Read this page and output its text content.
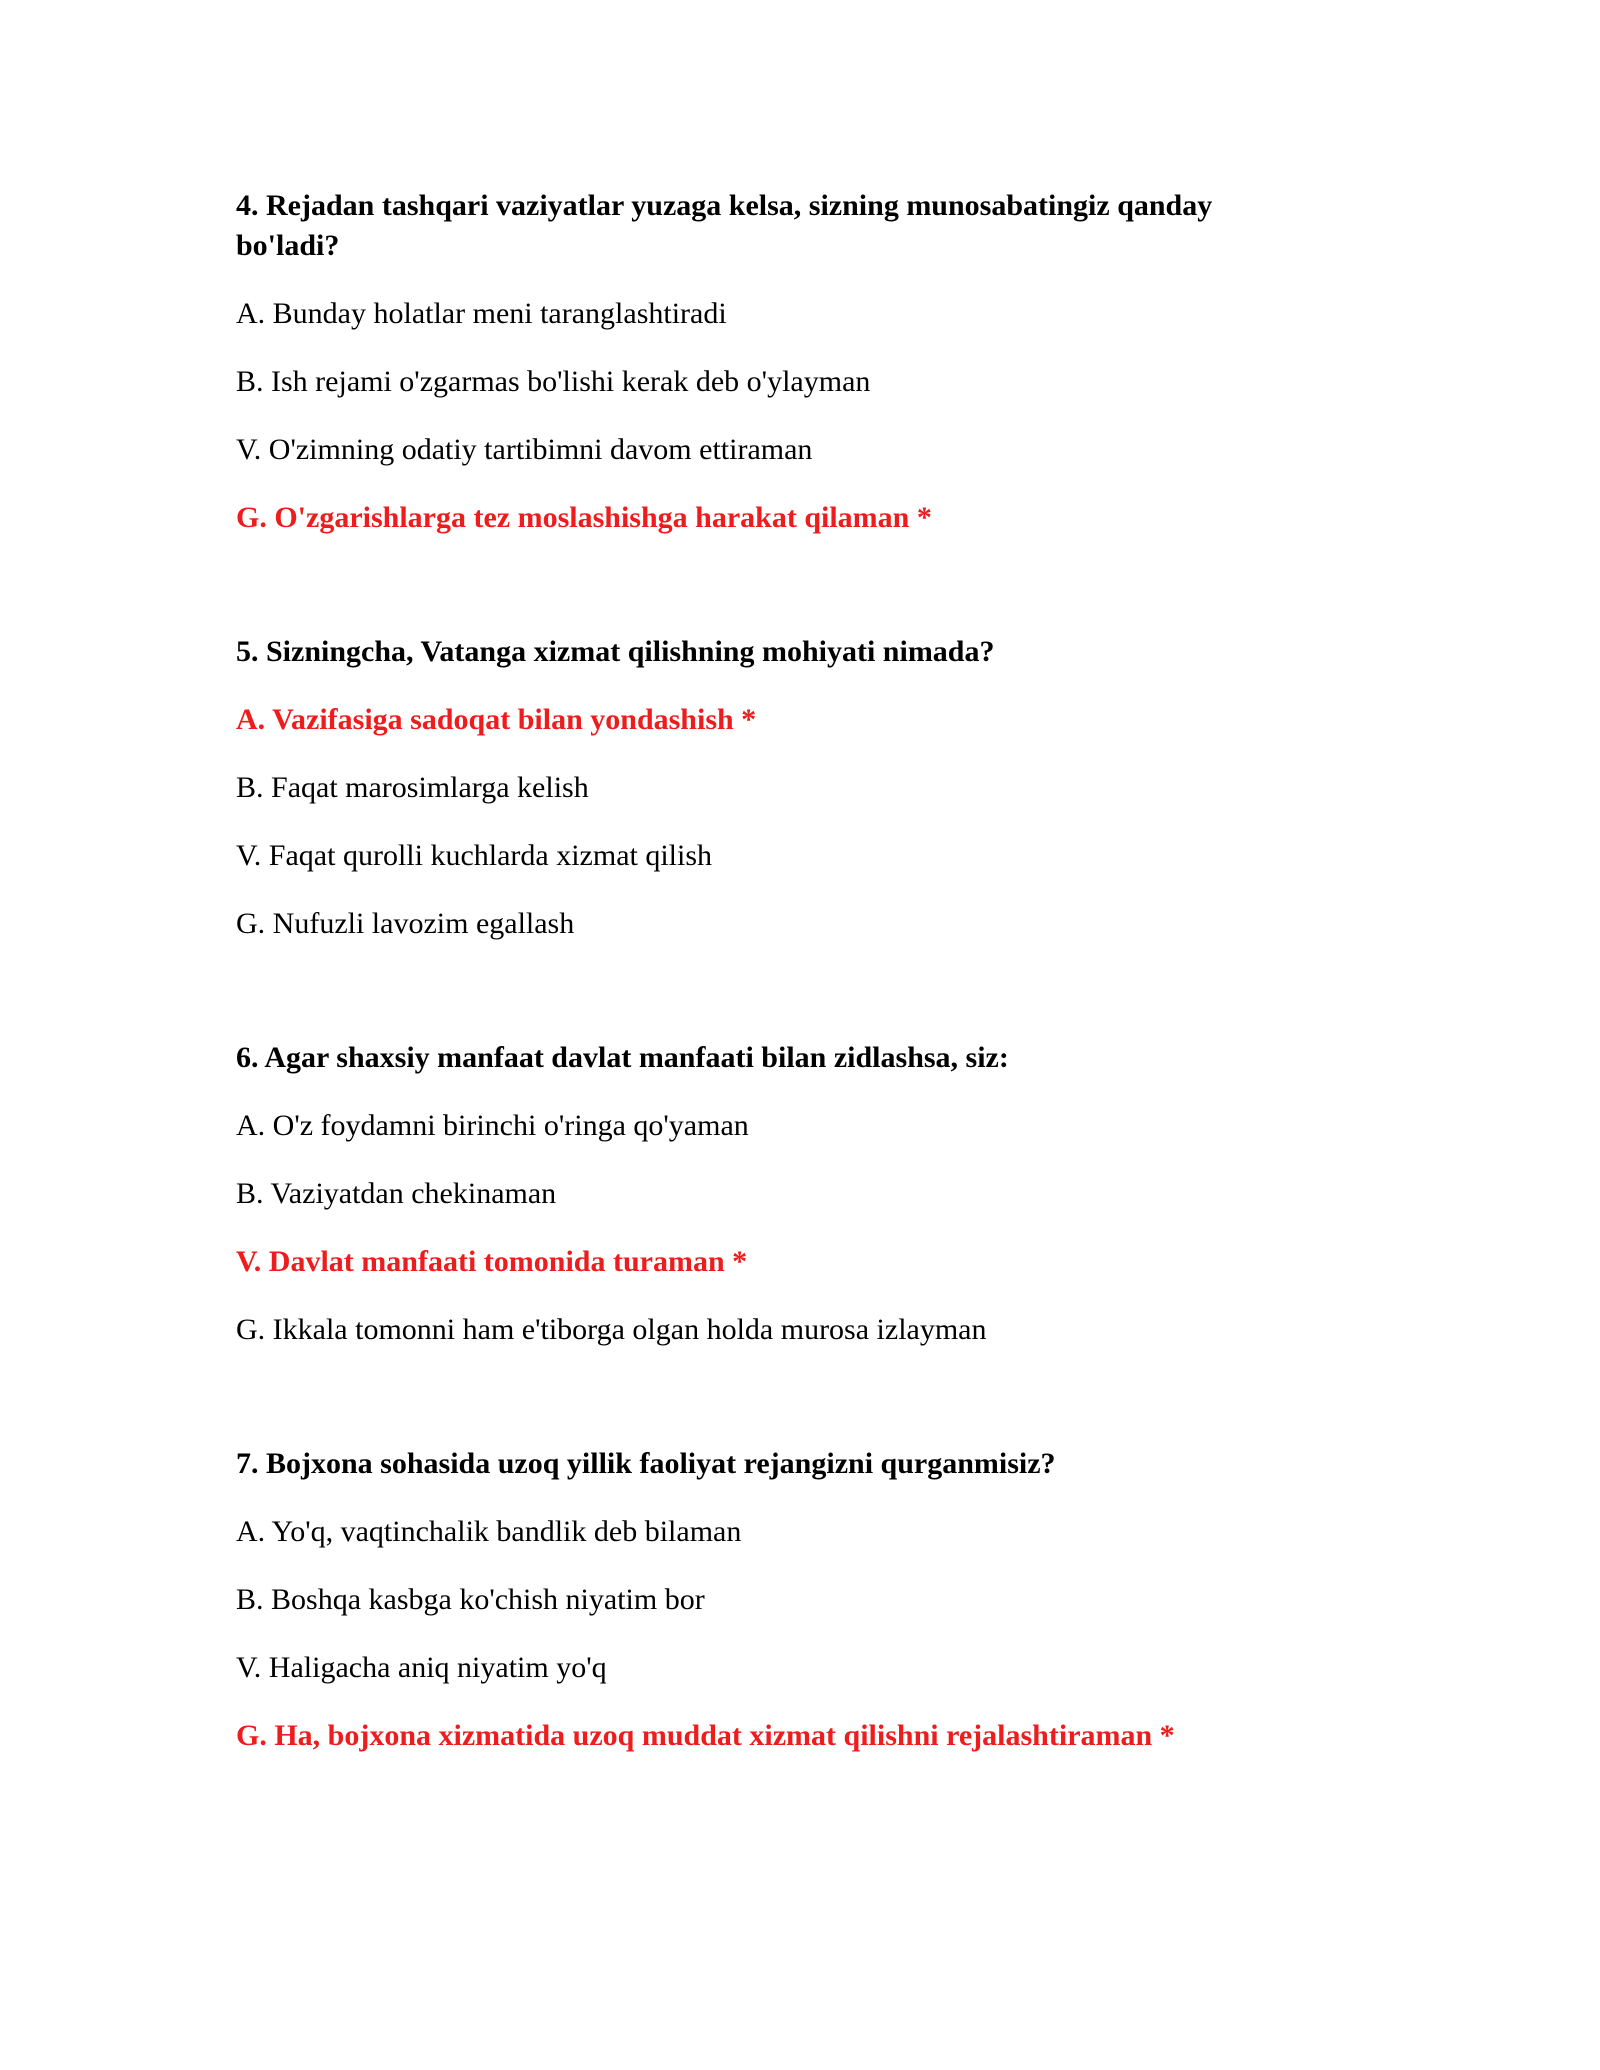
4. Rejadan tashqari vaziyatlar yuzaga kelsa, sizning munosabatingiz qanday bo'ladi?

A. Bunday holatlar meni taranglashtiradi
B. Ish rejami o'zgarmas bo'lishi kerak deb o'ylayman
V. O'zimning odatiy tartibimni davom ettiraman
G. O'zgarishlarga tez moslashishga harakat qilaman *

5. Sizningcha, Vatanga xizmat qilishning mohiyati nimada?

A. Vazifasiga sadoqat bilan yondashish *
B. Faqat marosimlarga kelish
V. Faqat qurolli kuchlarda xizmat qilish
G. Nufuzli lavozim egallash

6. Agar shaxsiy manfaat davlat manfaati bilan zidlashsa, siz:

A. O'z foydamni birinchi o'ringa qo'yaman
B. Vaziyatdan chekinaman
V. Davlat manfaati tomonida turaman *
G. Ikkala tomonni ham e'tiborga olgan holda murosa izlayman

7. Bojxona sohasida uzoq yillik faoliyat rejangizni qurganmisiz?

A. Yo'q, vaqtinchalik bandlik deb bilaman
B. Boshqa kasbga ko'chish niyatim bor
V. Haligacha aniq niyatim yo'q
G. Ha, bojxona xizmatida uzoq muddat xizmat qilishni rejalashtiraman *
